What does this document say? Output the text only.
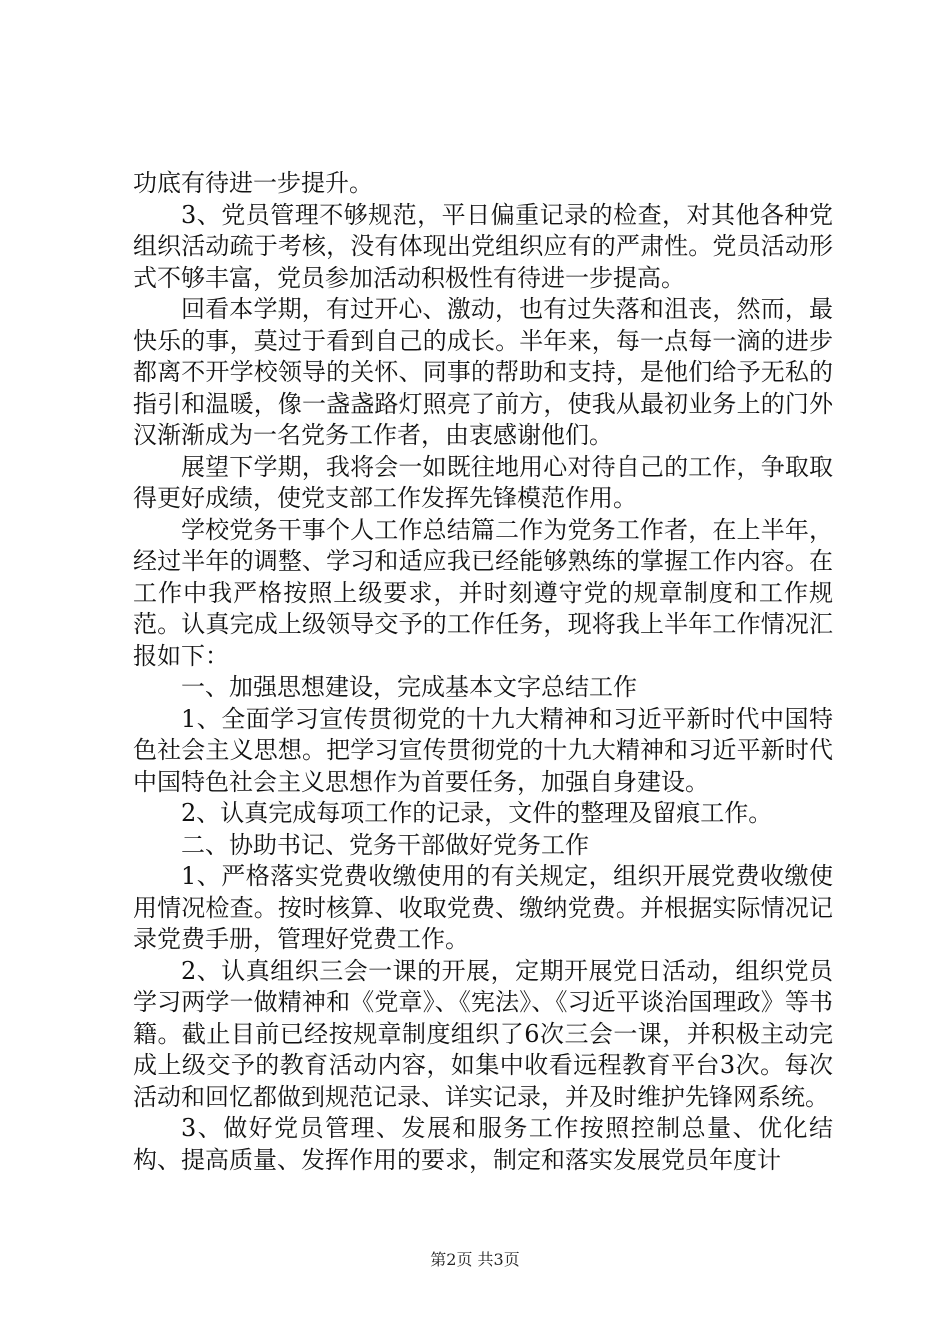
功底有待进一步提升。

3、党员管理不够规范，平日偏重记录的检查，对其他各种党组织活动疏于考核，没有体现出党组织应有的严肃性。党员活动形式不够丰富，党员参加活动积极性有待进一步提高。

回看本学期，有过开心、激动，也有过失落和沮丧，然而，最快乐的事，莫过于看到自己的成长。半年来，每一点每一滴的进步都离不开学校领导的关怀、同事的帮助和支持，是他们给予无私的指引和温暖，像一盏盏路灯照亮了前方，使我从最初业务上的门外汉渐渐成为一名党务工作者，由衷感谢他们。

展望下学期，我将会一如既往地用心对待自己的工作，争取取得更好成绩，使党支部工作发挥先锋模范作用。

学校党务干事个人工作总结篇二作为党务工作者，在上半年，经过半年的调整、学习和适应我已经能够熟练的掌握工作内容。在工作中我严格按照上级要求，并时刻遵守党的规章制度和工作规范。认真完成上级领导交予的工作任务，现将我上半年工作情况汇报如下：

一、加强思想建设，完成基本文字总结工作

1、全面学习宣传贯彻党的十九大精神和习近平新时代中国特色社会主义思想。把学习宣传贯彻党的十九大精神和习近平新时代中国特色社会主义思想作为首要任务，加强自身建设。

2、认真完成每项工作的记录，文件的整理及留痕工作。

二、协助书记、党务干部做好党务工作

1、严格落实党费收缴使用的有关规定，组织开展党费收缴使用情况检查。按时核算、收取党费、缴纳党费。并根据实际情况记录党费手册，管理好党费工作。

2、认真组织三会一课的开展，定期开展党日活动，组织党员学习两学一做精神和《党章》、《宪法》、《习近平谈治国理政》等书籍。截止目前已经按规章制度组织了6次三会一课，并积极主动完成上级交予的教育活动内容，如集中收看远程教育平台3次。每次活动和回忆都做到规范记录、详实记录，并及时维护先锋网系统。

3、做好党员管理、发展和服务工作按照控制总量、优化结构、提高质量、发挥作用的要求，制定和落实发展党员年度计

第2页 共3页
